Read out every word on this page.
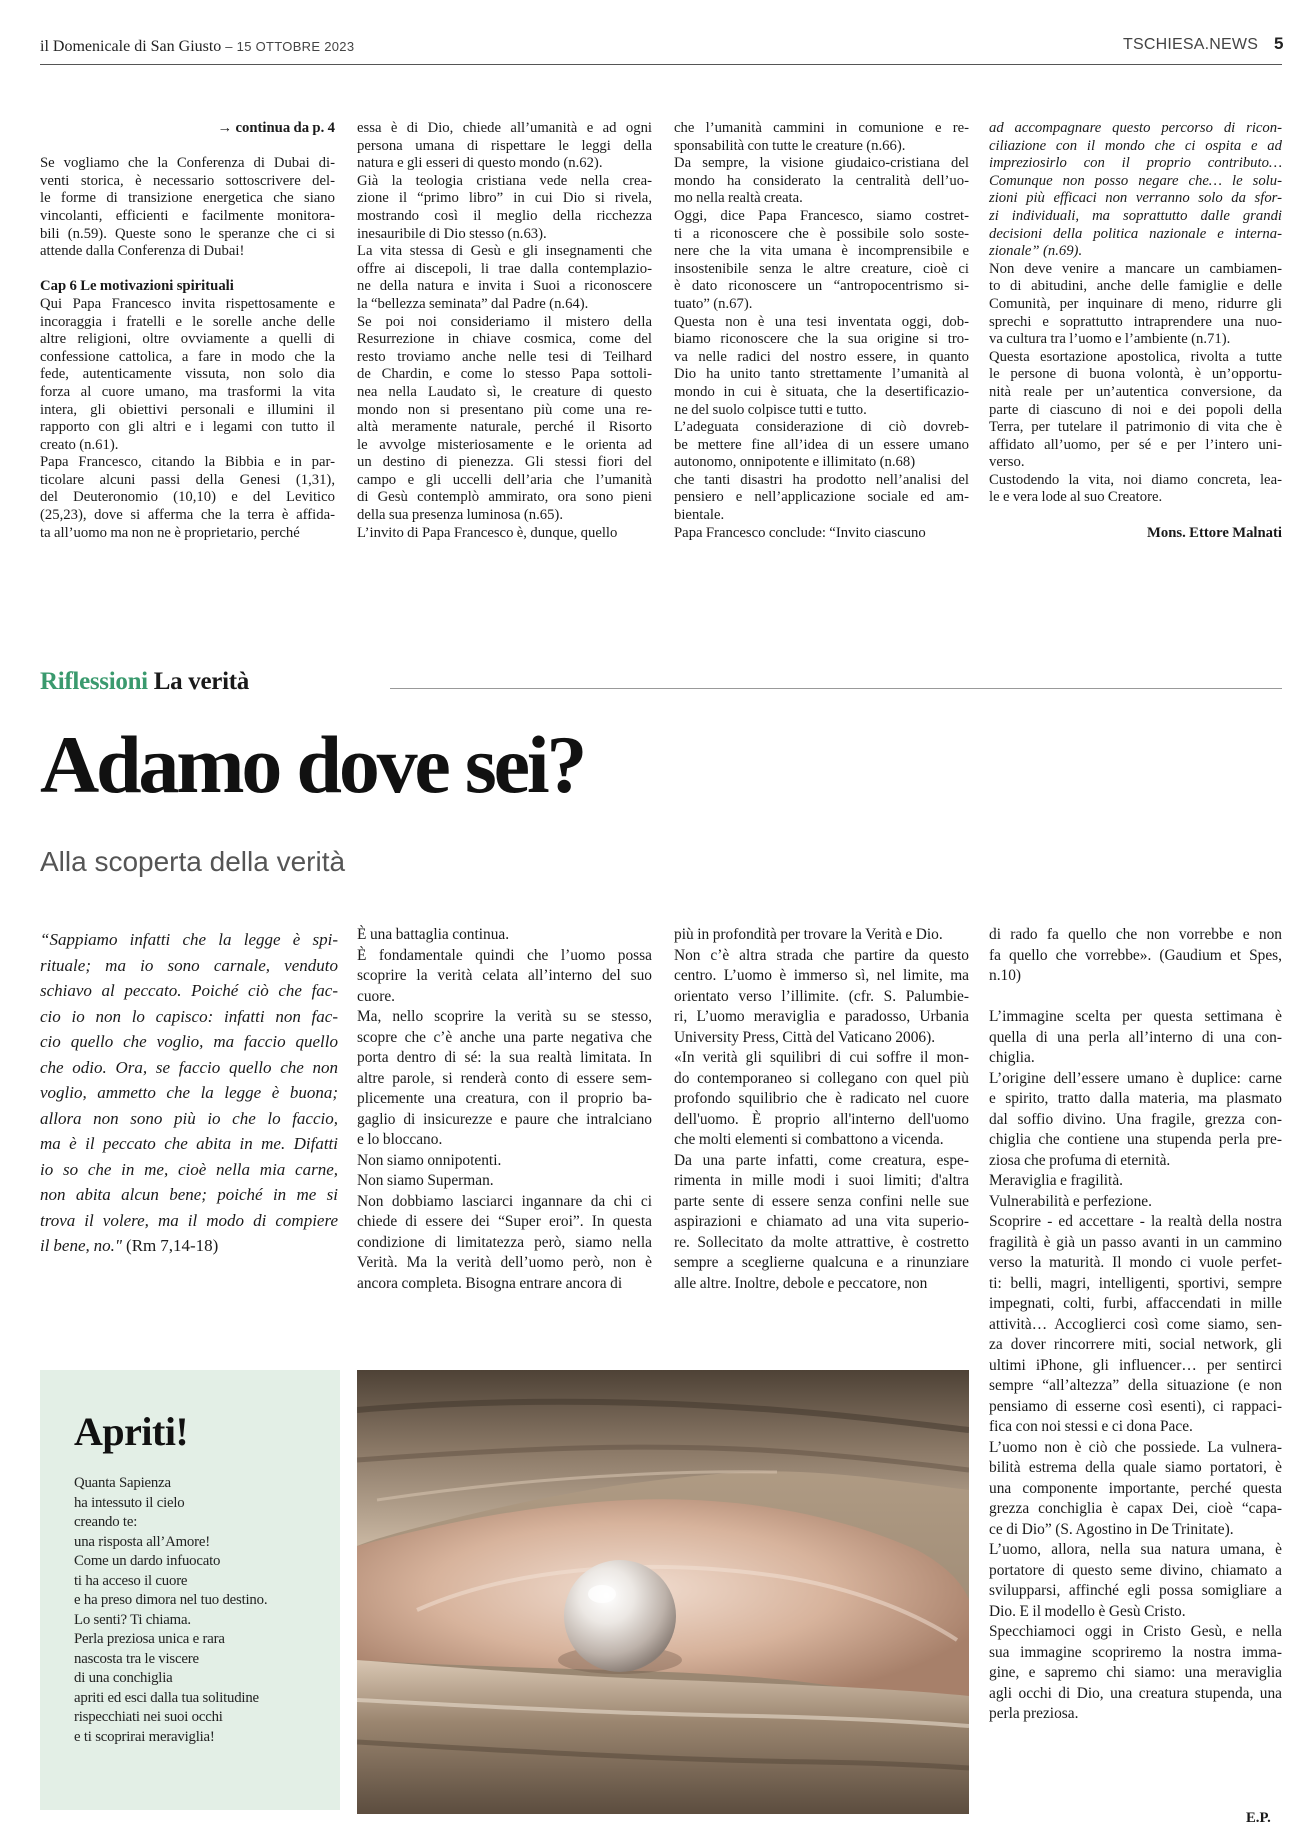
il Domenicale di San Giusto – 15 OTTOBRE 2023	TSCHIESA.NEWS 5

→ continua da p. 4

Se vogliamo che la Conferenza di Dubai di-

venti storica, è necessario sottoscrivere del-

le forme di transizione energetica che siano

vincolanti, efficienti e facilmente monitora-

bili (n.59). Queste sono le speranze che ci si

attende dalla Conferenza di Dubai!

Cap 6 Le motivazioni spirituali

Qui Papa Francesco invita rispettosamente e

incoraggia i fratelli e le sorelle anche delle

altre religioni, oltre ovviamente a quelli di

confessione cattolica, a fare in modo che la

fede, autenticamente vissuta, non solo dia

forza al cuore umano, ma trasformi la vita

intera, gli obiettivi personali e illumini il

rapporto con gli altri e i legami con tutto il

creato (n.61).

Papa Francesco, citando la Bibbia e in par-

ticolare alcuni passi della Genesi (1,31),

del Deuteronomio (10,10) e del Levitico

(25,23), dove si afferma che la terra è affida-

ta all’uomo ma non ne è proprietario, perché

essa è di Dio, chiede all’umanità e ad ogni

persona umana di rispettare le leggi della

natura e gli esseri di questo mondo (n.62).

Già la teologia cristiana vede nella crea-

zione il “primo libro” in cui Dio si rivela,

mostrando così il meglio della ricchezza

inesauribile di Dio stesso (n.63).

La vita stessa di Gesù e gli insegnamenti che

offre ai discepoli, li trae dalla contemplazio-

ne della natura e invita i Suoi a riconoscere

la “bellezza seminata” dal Padre (n.64).

Se poi noi consideriamo il mistero della

Resurrezione in chiave cosmica, come del

resto troviamo anche nelle tesi di Teilhard

de Chardin, e come lo stesso Papa sottoli-

nea nella Laudato sì, le creature di questo

mondo non si presentano più come una re-

altà meramente naturale, perché il Risorto

le avvolge misteriosamente e le orienta ad

un destino di pienezza. Gli stessi fiori del

campo e gli uccelli dell’aria che l’umanità

di Gesù contemplò ammirato, ora sono pieni

della sua presenza luminosa (n.65).

L’invito di Papa Francesco è, dunque, quello

che l’umanità cammini in comunione e re-

sponsabilità con tutte le creature (n.66).

Da sempre, la visione giudaico-cristiana del

mondo ha considerato la centralità dell’uo-

mo nella realtà creata.

Oggi, dice Papa Francesco, siamo costret-

ti a riconoscere che è possibile solo soste-

nere che la vita umana è incomprensibile e

insostenibile senza le altre creature, cioè ci

è dato riconoscere un “antropocentrismo si-

tuato” (n.67).

Questa non è una tesi inventata oggi, dob-

biamo riconoscere che la sua origine si tro-

va nelle radici del nostro essere, in quanto

Dio ha unito tanto strettamente l’umanità al

mondo in cui è situata, che la desertificazio-

ne del suolo colpisce tutti e tutto.

L’adeguata considerazione di ciò dovreb-

be mettere fine all’idea di un essere umano

autonomo, onnipotente e illimitato (n.68)

che tanti disastri ha prodotto nell’analisi del

pensiero e nell’applicazione sociale ed am-

bientale.

Papa Francesco conclude: “Invito ciascuno

ad accompagnare questo percorso di ricon-

ciliazione con il mondo che ci ospita e ad

impreziosirlo con il proprio contributo…

Comunque non posso negare che… le solu-

zioni più efficaci non verranno solo da sfor-

zi individuali, ma soprattutto dalle grandi

decisioni della politica nazionale e interna-

zionale” (n.69).

Non deve venire a mancare un cambiamen-

to di abitudini, anche delle famiglie e delle

Comunità, per inquinare di meno, ridurre gli

sprechi e soprattutto intraprendere una nuo-

va cultura tra l’uomo e l’ambiente (n.71).

Questa esortazione apostolica, rivolta a tutte

le persone di buona volontà, è un’opportu-

nità reale per un’autentica conversione, da

parte di ciascuno di noi e dei popoli della

Terra, per tutelare il patrimonio di vita che è

affidato all’uomo, per sé e per l’intero uni-

verso.

Custodendo la vita, noi diamo concreta, lea-

le e vera lode al suo Creatore.

Mons. Ettore Malnati

Riflessioni La verità
Adamo dove sei?
Alla scoperta della verità

“Sappiamo infatti che la legge è spi-

rituale; ma io sono carnale, venduto

schiavo al peccato. Poiché ciò che fac-

cio io non lo capisco: infatti non fac-

cio quello che voglio, ma faccio quello

che odio. Ora, se faccio quello che non

voglio, ammetto che la legge è buona;

allora non sono più io che lo faccio,

ma è il peccato che abita in me. Difatti

io so che in me, cioè nella mia carne,

non abita alcun bene; poiché in me si

trova il volere, ma il modo di compiere

il bene, no."

(Rm 7,14-18)

È una battaglia continua.

È fondamentale quindi che l’uomo possa

scoprire la verità celata all’interno del suo

cuore.

Ma, nello scoprire la verità su se stesso,

scopre che c’è anche una parte negativa che

porta dentro di sé: la sua realtà limitata. In

altre parole, si renderà conto di essere sem-

plicemente una creatura, con il proprio ba-

gaglio di insicurezze e paure che intralciano

e lo bloccano.

Non siamo onnipotenti.

Non siamo Superman.

Non dobbiamo lasciarci ingannare da chi ci

chiede di essere dei “Super eroi”. In questa

condizione di limitatezza però, siamo nella

Verità. Ma la verità dell’uomo però, non è

ancora completa. Bisogna entrare ancora di

più in profondità per trovare la Verità e Dio.

Non c’è altra strada che partire da questo

centro. L’uomo è immerso sì, nel limite, ma

orientato verso l’illimite. (cfr. S. Palumbie-

ri, L’uomo meraviglia e paradosso, Urbania

University Press, Città del Vaticano 2006).

«In verità gli squilibri di cui soffre il mon-

do contemporaneo si collegano con quel più

profondo squilibrio che è radicato nel cuore

dell'uomo. È proprio all'interno dell'uomo

che molti elementi si combattono a vicenda.

Da una parte infatti, come creatura, espe-

rimenta in mille modi i suoi limiti; d'altra

parte sente di essere senza confini nelle sue

aspirazioni e chiamato ad una vita superio-

re. Sollecitato da molte attrattive, è costretto

sempre a sceglierne qualcuna e a rinunziare

alle altre. Inoltre, debole e peccatore, non

di rado fa quello che non vorrebbe e non

fa quello che vorrebbe». (Gaudium et Spes,

n.10)

L’immagine scelta per questa settimana è

quella di una perla all’interno di una con-

chiglia.

L’origine dell’essere umano è duplice: carne

e spirito, tratto dalla materia, ma plasmato

dal soffio divino. Una fragile, grezza con-

chiglia che contiene una stupenda perla pre-

ziosa che profuma di eternità.

Meraviglia e fragilità.

Vulnerabilità e perfezione.

Scoprire - ed accettare - la realtà della nostra

fragilità è già un passo avanti in un cammino

verso la maturità. Il mondo ci vuole perfet-

ti: belli, magri, intelligenti, sportivi, sempre

impegnati, colti, furbi, affaccendati in mille

attività… Accoglierci così come siamo, sen-

za dover rincorrere miti, social network, gli

ultimi iPhone, gli influencer… per sentirci

sempre “all’altezza” della situazione (e non

pensiamo di esserne così esenti), ci rappaci-

fica con noi stessi e ci dona Pace.

L’uomo non è ciò che possiede. La vulnera-

bilità estrema della quale siamo portatori, è

una componente importante, perché questa

grezza conchiglia è capax Dei, cioè “capa-

ce di Dio” (S. Agostino in De Trinitate).

L’uomo, allora, nella sua natura umana, è

portatore di questo seme divino, chiamato a

svilupparsi, affinché egli possa somigliare a

Dio. E il modello è Gesù Cristo.

Specchiamoci oggi in Cristo Gesù, e nella

sua immagine scopriremo la nostra imma-

gine, e sapremo chi siamo: una meraviglia

agli occhi di Dio, una creatura stupenda, una

perla preziosa.

Apriti!
Quanta Sapienza
ha intessuto il cielo
creando te:
una risposta all’Amore!
Come un dardo infuocato
ti ha acceso il cuore
e ha preso dimora nel tuo destino.
Lo senti? Ti chiama.
Perla preziosa unica e rara
nascosta tra le viscere
di una conchiglia
apriti ed esci dalla tua solitudine
rispecchiati nei suoi occhi
e ti scoprirai meraviglia!
E.P.
